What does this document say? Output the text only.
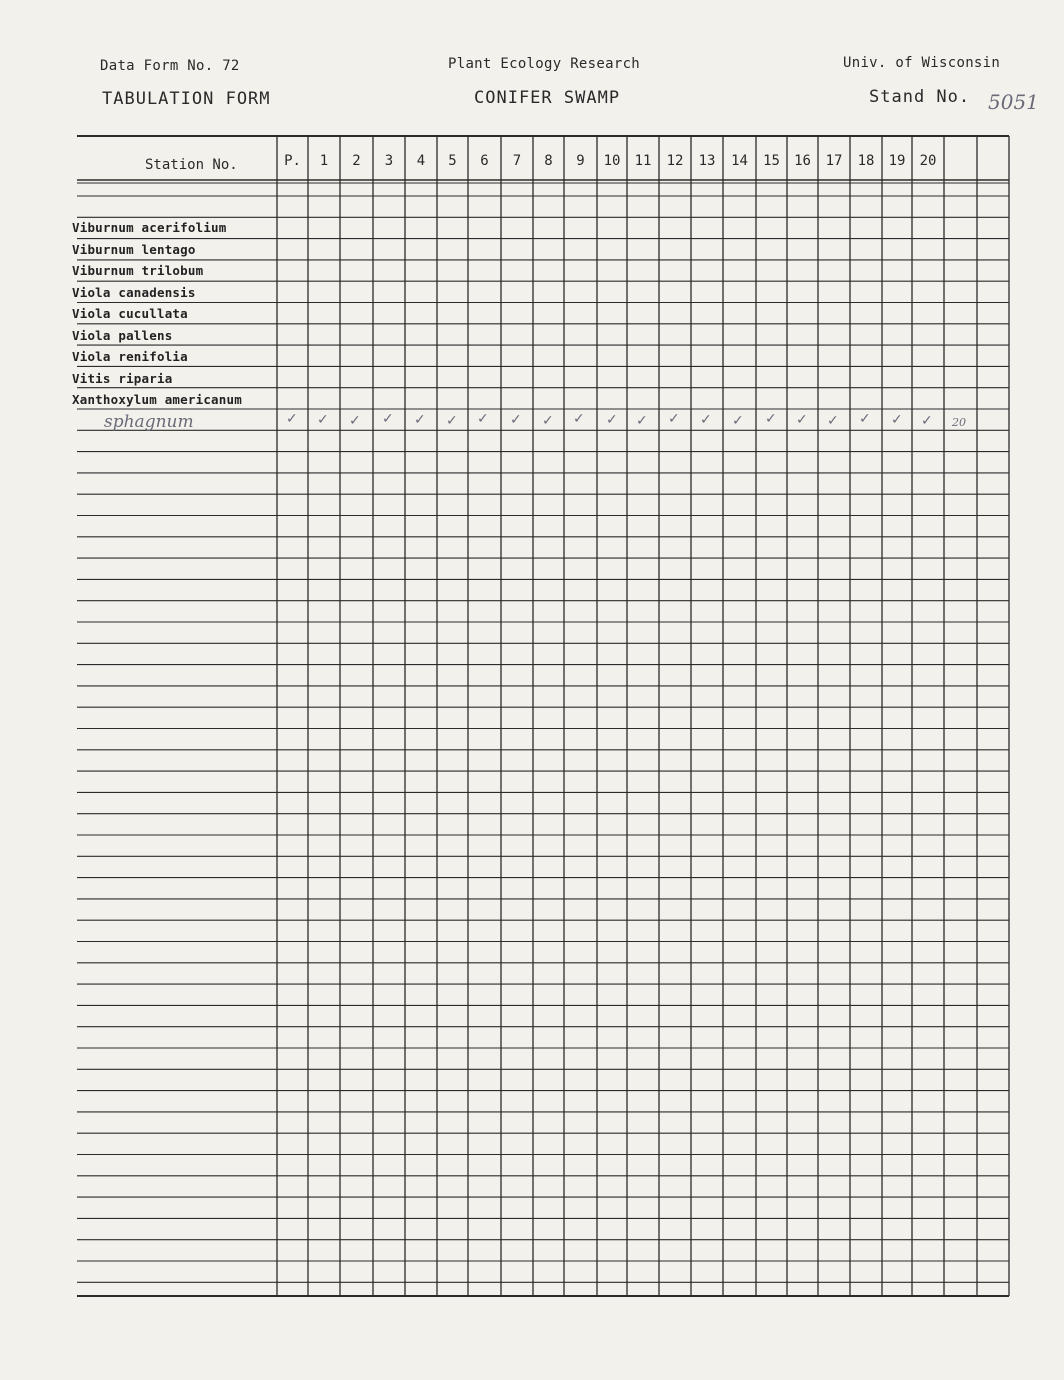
Data Form No. 72	Plant Ecology Research	Univ. of Wisconsin
TABULATION FORM	CONIFER SWAMP	Stand No. 5051
Station No.	P.	1	2	3	4	5	6	7	8	9	10	11	12	13	14	15	16	17	18	19	20
Viburnum acerifolium
Viburnum lentago
Viburnum trilobum
Viola canadensis
Viola cucullata
Viola pallens
Viola renifolia
Vitis riparia
Xanthoxylum americanum
sphagnum	✓ ✓ ✓ ✓ ✓ ✓ ✓ ✓ ✓ ✓ ✓ ✓ ✓ ✓ ✓ ✓ ✓ ✓ ✓ ✓ ✓ 20
